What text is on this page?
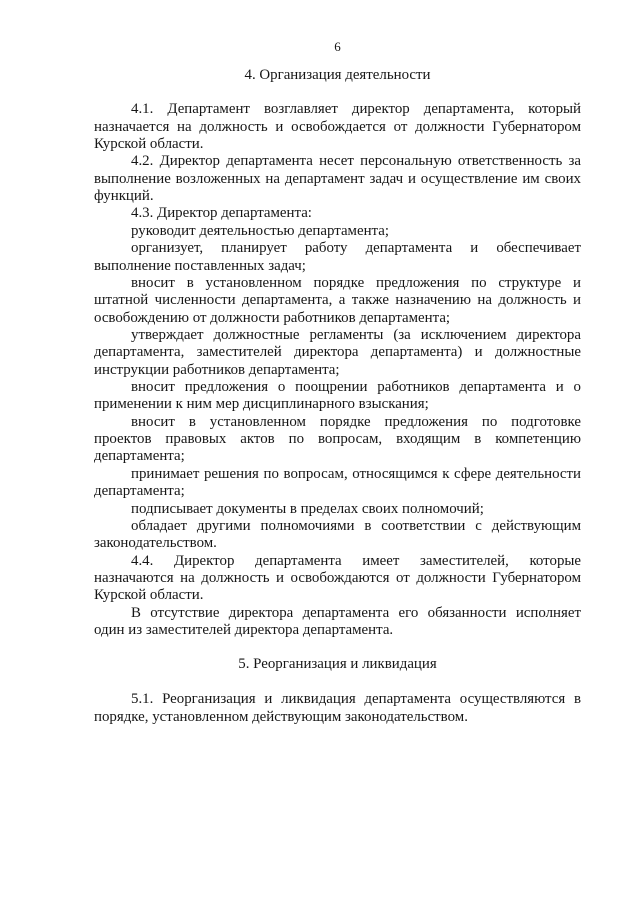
6
4. Организация деятельности
4.1. Департамент возглавляет директор департамента, который
назначается на должность и освобождается от должности Губернатором
Курской области.
4.2. Директор департамента несет персональную ответственность за
выполнение возложенных на департамент задач и осуществление им своих
функций.
4.3. Директор департамента:
руководит деятельностью департамента;
организует, планирует работу департамента и обеспечивает
выполнение поставленных задач;
вносит в установленном порядке предложения по структуре и
штатной численности департамента, а также назначению на должность и
освобождению от должности работников департамента;
утверждает должностные регламенты (за исключением директора
департамента, заместителей директора департамента) и должностные
инструкции работников департамента;
вносит предложения о поощрении работников департамента и о
применении к ним мер дисциплинарного взыскания;
вносит в установленном порядке предложения по подготовке
проектов правовых актов по вопросам, входящим в компетенцию
департамента;
принимает решения по вопросам, относящимся к сфере деятельности
департамента;
подписывает документы в пределах своих полномочий;
обладает другими полномочиями в соответствии с действующим
законодательством.
4.4. Директор департамента имеет заместителей, которые
назначаются на должность и освобождаются от должности Губернатором
Курской области.
В отсутствие директора департамента его обязанности исполняет
один из заместителей директора департамента.
5. Реорганизация и ликвидация
5.1. Реорганизация и ликвидация департамента осуществляются в
порядке, установленном действующим законодательством.
